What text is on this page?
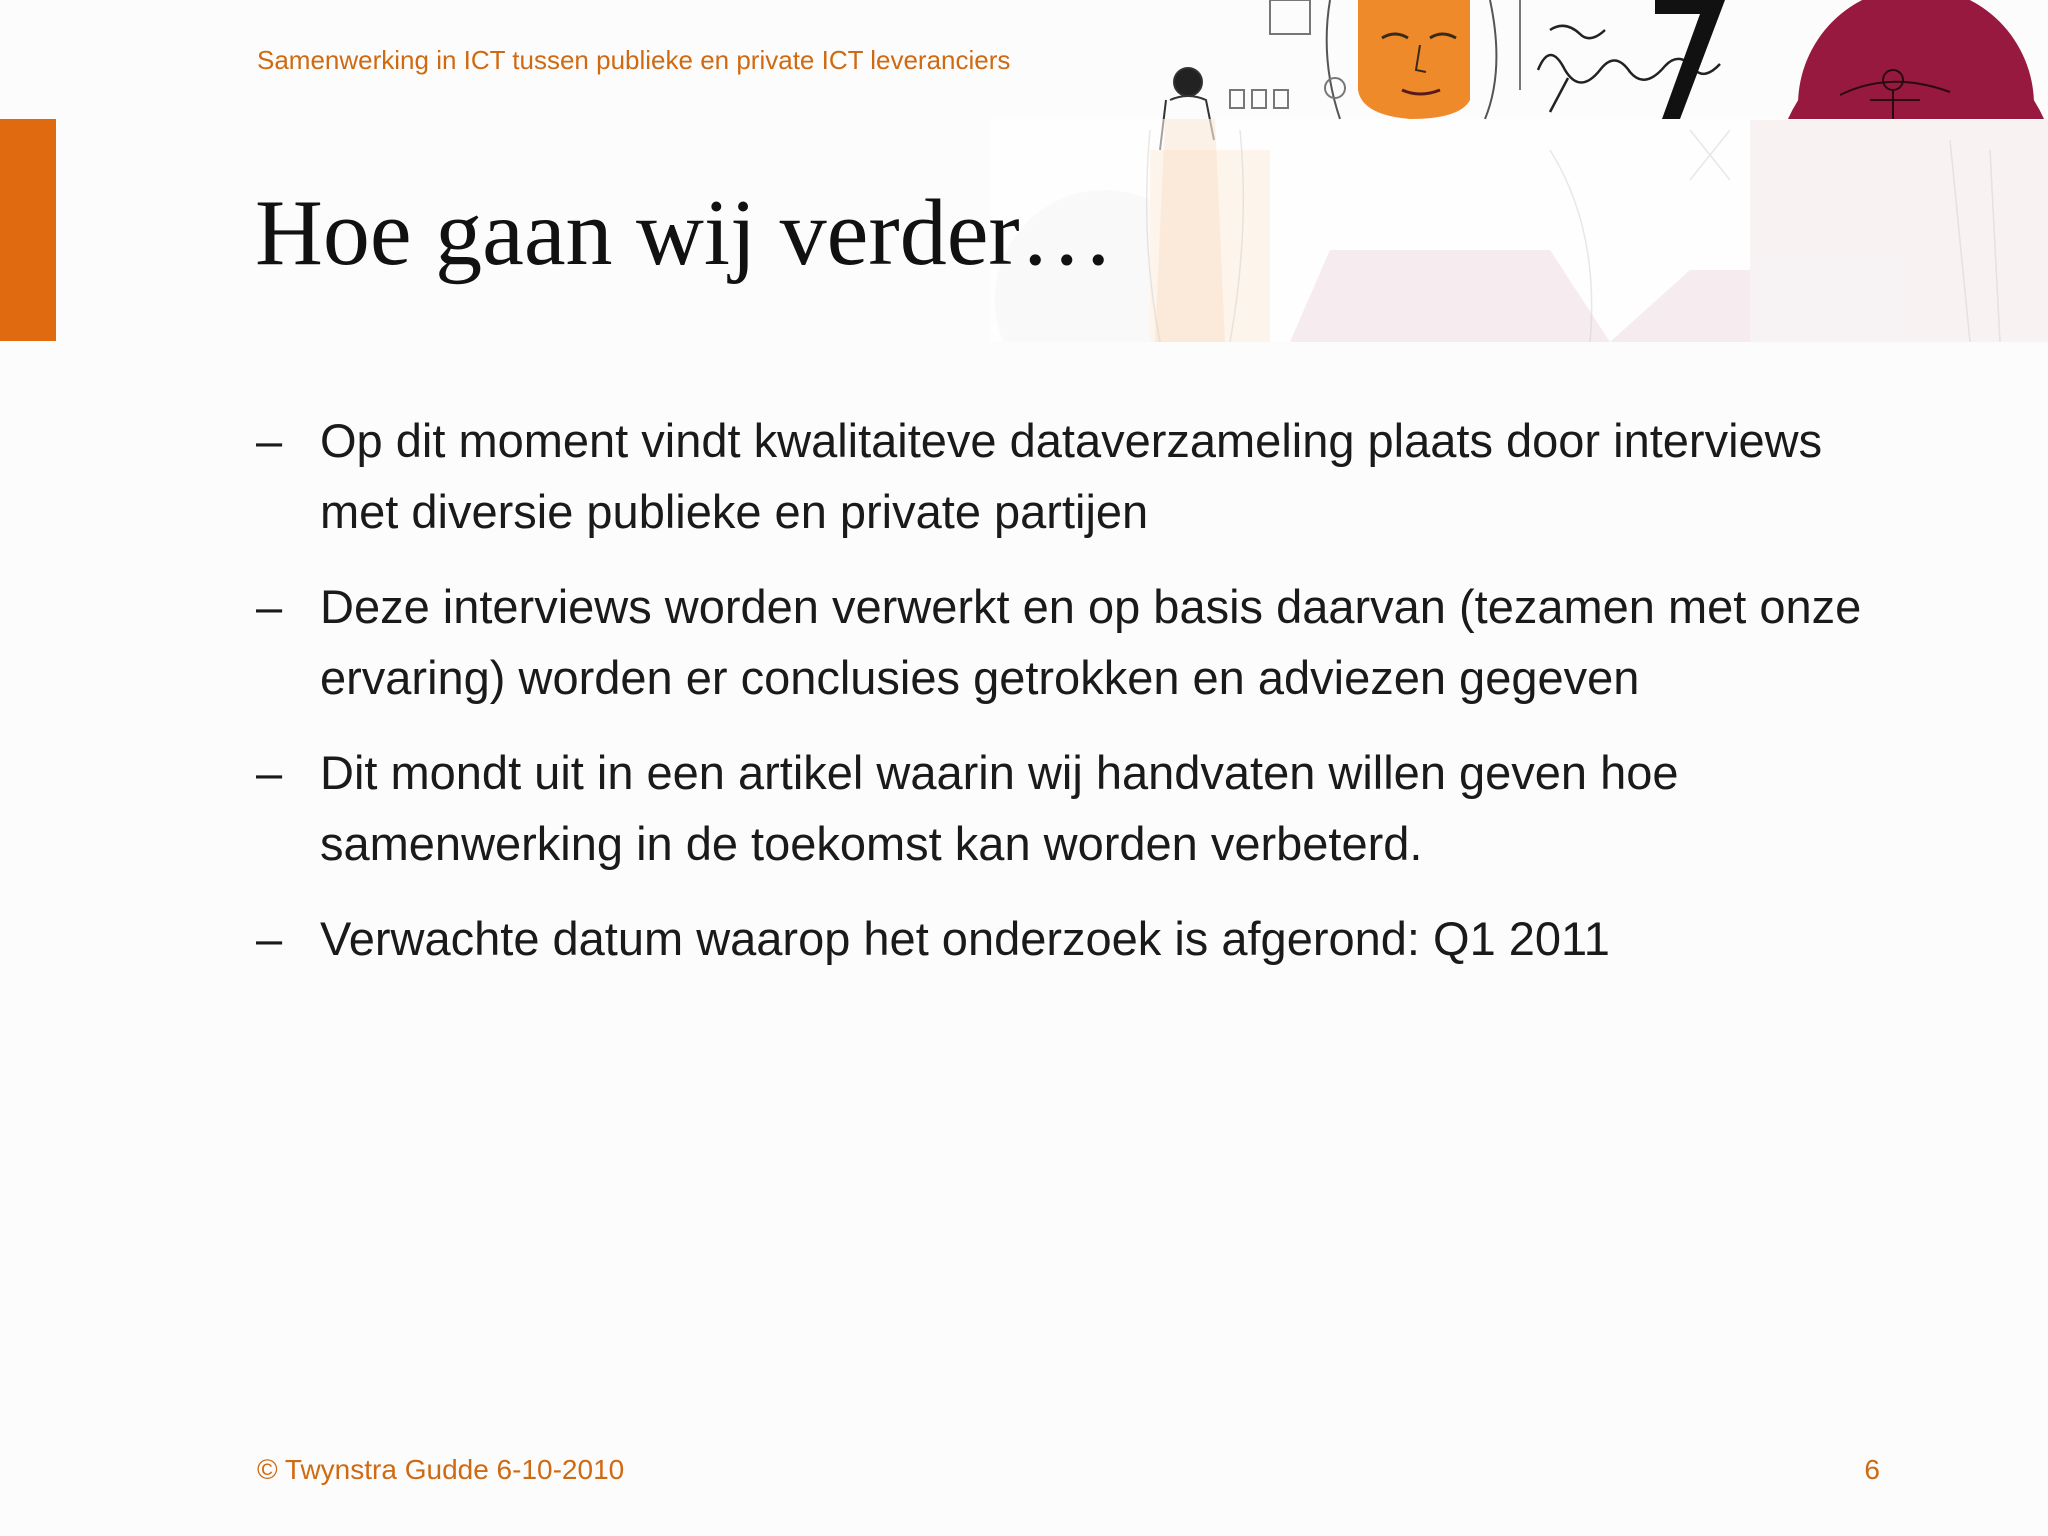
Samenwerking in ICT tussen publieke en private ICT leveranciers
Hoe gaan wij verder…
– Op dit moment vindt kwalitaiteve dataverzameling plaats door interviews met diversie publieke en private partijen
– Deze interviews worden verwerkt en op basis daarvan (tezamen met onze ervaring) worden er conclusies getrokken en adviezen gegeven
– Dit mondt uit in een artikel waarin wij handvaten willen geven hoe samenwerking in de toekomst kan worden verbeterd.
– Verwachte datum waarop het onderzoek is afgerond: Q1 2011
© Twynstra Gudde 6-10-2010	6
